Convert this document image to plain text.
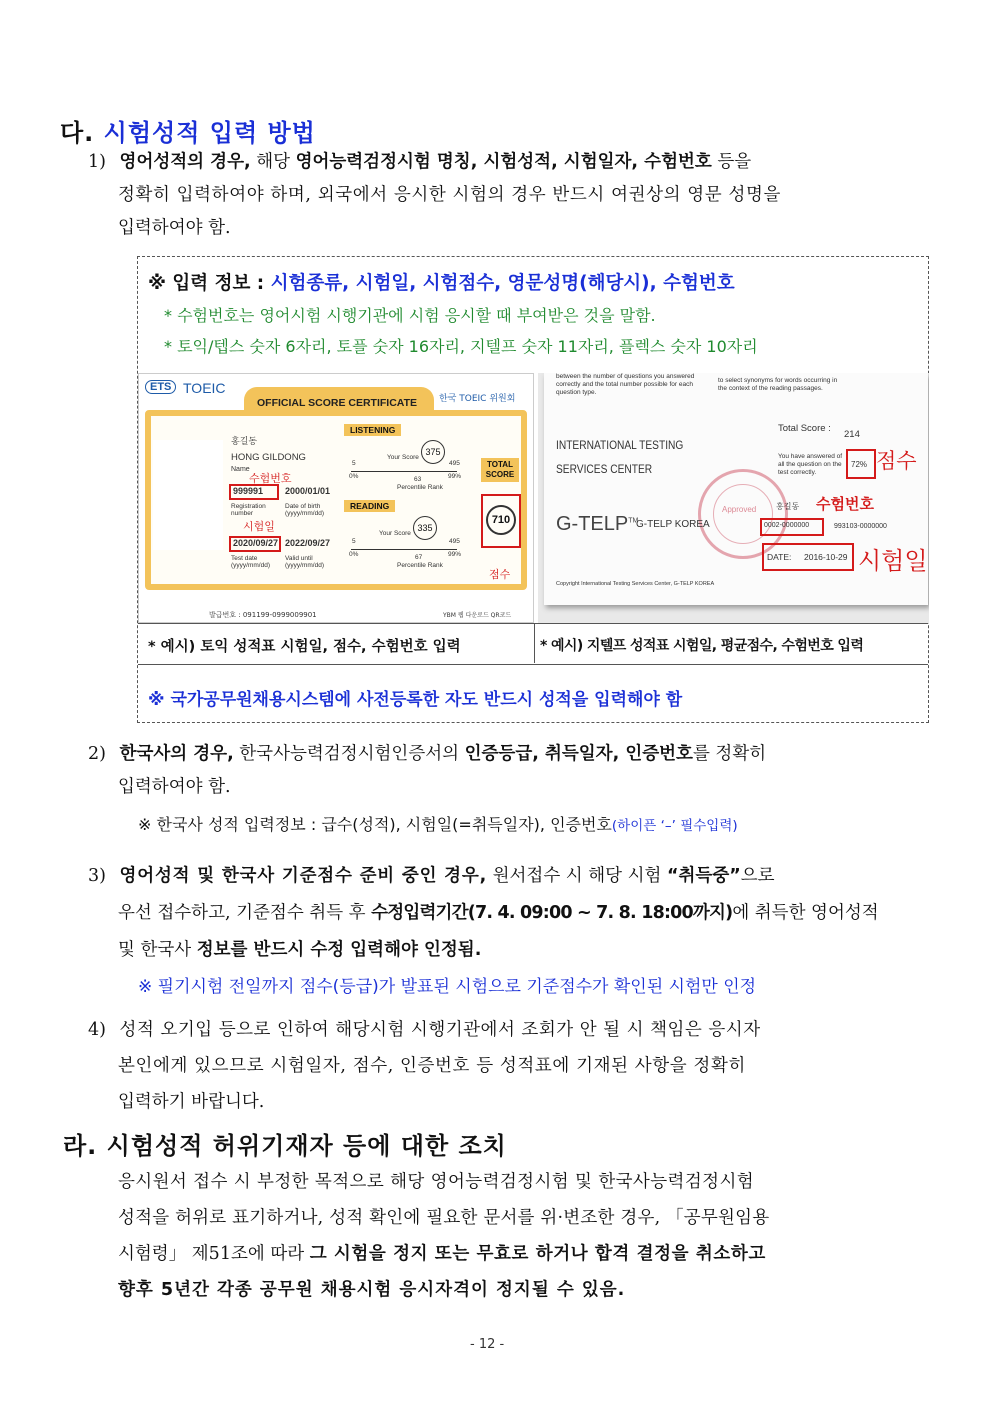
다. 시험성적 입력 방법
1) 영어성적의 경우, 해당 영어능력검정시험 명칭, 시험성적, 시험일자, 수험번호 등을
정확히 입력하여야 하며, 외국에서 응시한 시험의 경우 반드시 여권상의 영문 성명을
입력하여야 함.
※ 입력 정보 : 시험종류, 시험일, 시험점수, 영문성명(해당시), 수험번호
* 수험번호는 영어시험 시행기관에 시험 응시할 때 부여받은 것을 말함.
* 토익/텝스 숫자 6자리, 토플 숫자 16자리, 지텔프 숫자 11자리, 플렉스 숫자 10자리
ETS TOEIC
OFFICIAL SCORE CERTIFICATE 한국 TOEIC 위원회
홍길동
HONG GILDONG
Name
수험번호
999991
Registration number
2000/01/01
Date of birth (yyyy/mm/dd)
시험일
2020/09/27
Test date (yyyy/mm/dd)
2022/09/27
Valid until (yyyy/mm/dd)
LISTENING
Your Score
375
5	495
0%	99%
63
Percentile Rank
READING
Your Score
335
5	495
0%	99%
67
Percentile Rank
TOTAL SCORE
710
점수
발급번호 : 091199-0999009901	YBM 웹 다운로드 QR코드
between the number of questions you answered correctly and the total number possible for each question type.
to select synonyms for words occurring in the context of the reading passages.
INTERNATIONAL TESTING SERVICES CENTER
Total Score :
214
You have answered of all the question on the test correctly.
72% 점수
Approved
G-TELP™
G-TELP KOREA
홍길동 수험번호
0002-0000000	993103-0000000
DATE: 2016-10-29 시험일
Copyright International Testing Services Center, G-TELP KOREA
* 예시) 토익 성적표 시험일, 점수, 수험번호 입력	* 예시) 지텔프 성적표 시험일, 평균점수, 수험번호 입력
※ 국가공무원채용시스템에 사전등록한 자도 반드시 성적을 입력해야 함
2) 한국사의 경우, 한국사능력검정시험인증서의 인증등급, 취득일자, 인증번호를 정확히
입력하여야 함.
※ 한국사 성적 입력정보 : 급수(성적), 시험일(=취득일자), 인증번호(하이픈 ‘–’ 필수입력)
3) 영어성적 및 한국사 기준점수 준비 중인 경우, 원서접수 시 해당 시험 “취득중”으로
우선 접수하고, 기준점수 취득 후 수정입력기간(7. 4. 09:00 ~ 7. 8. 18:00까지)에 취득한 영어성적
및 한국사 정보를 반드시 수정 입력해야 인정됨.
※ 필기시험 전일까지 점수(등급)가 발표된 시험으로 기준점수가 확인된 시험만 인정
4) 성적 오기입 등으로 인하여 해당시험 시행기관에서 조회가 안 될 시 책임은 응시자
본인에게 있으므로 시험일자, 점수, 인증번호 등 성적표에 기재된 사항을 정확히
입력하기 바랍니다.
라. 시험성적 허위기재자 등에 대한 조치
응시원서 접수 시 부정한 목적으로 해당 영어능력검정시험 및 한국사능력검정시험
성적을 허위로 표기하거나, 성적 확인에 필요한 문서를 위·변조한 경우, 「공무원임용
시험령」 제51조에 따라 그 시험을 정지 또는 무효로 하거나 합격 결정을 취소하고
향후 5년간 각종 공무원 채용시험 응시자격이 정지될 수 있음.
- 12 -
